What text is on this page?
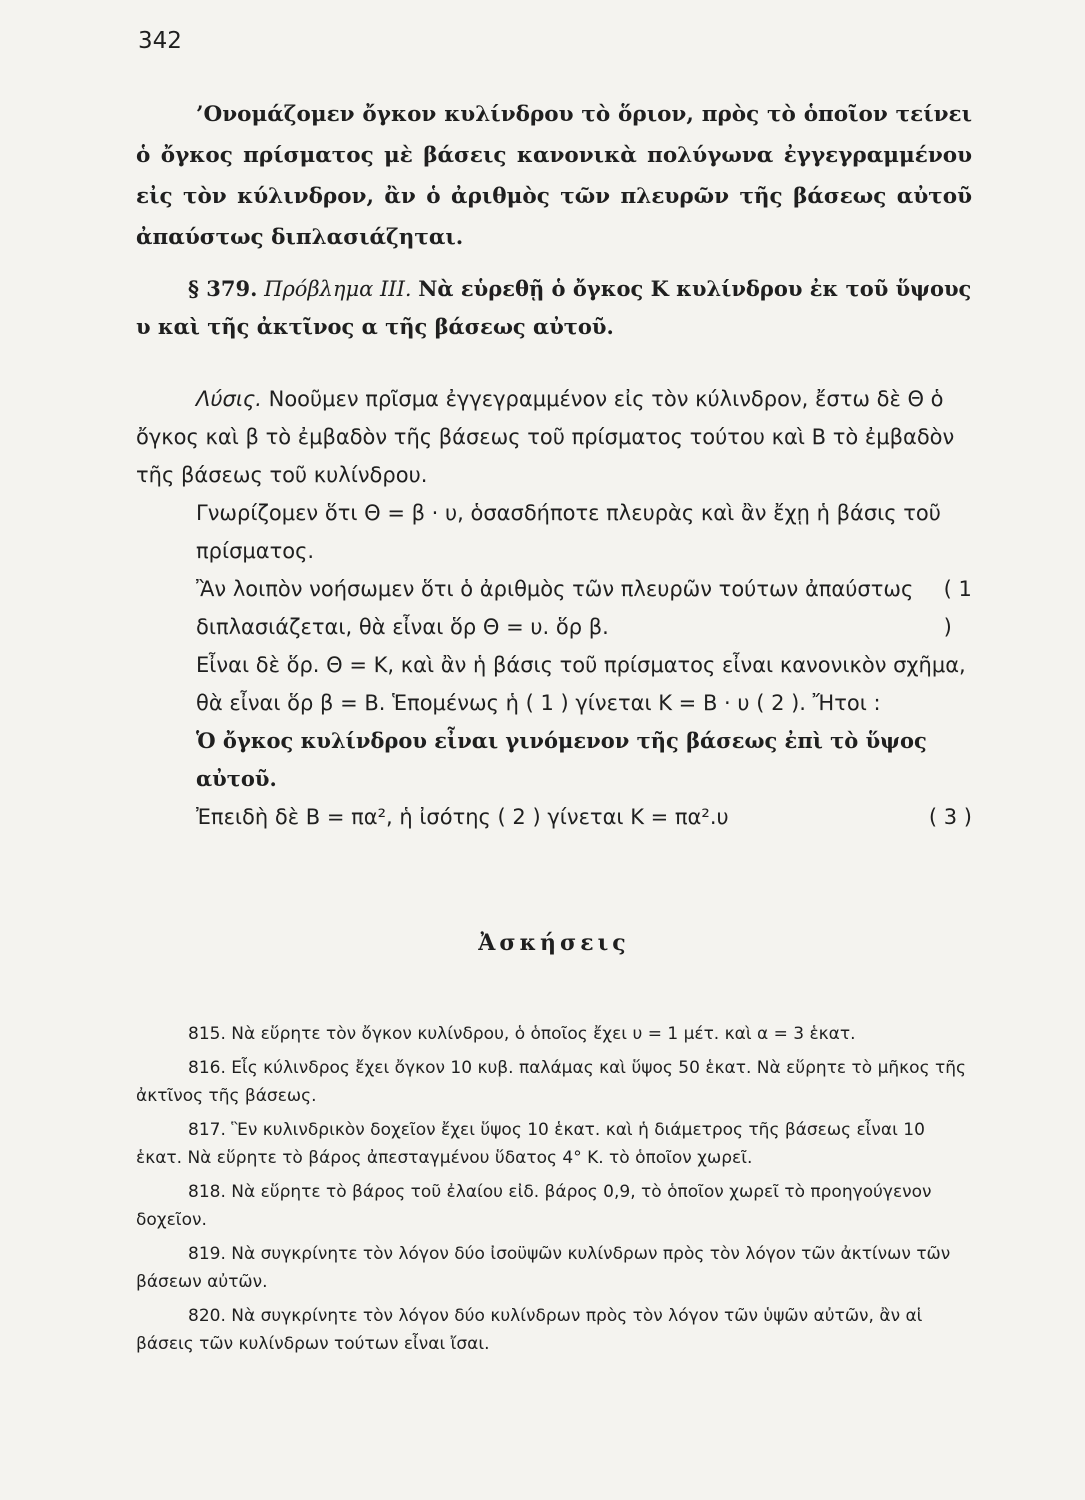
342

’Ονομάζομεν ὄγκον κυλίνδρου τὸ ὅριον, πρὸς τὸ ὁποῖον τείνει ὁ ὄγκος πρίσματος μὲ βάσεις κανονικὰ πολύγωνα ἐγγεγραμμένου εἰς τὸν κύλινδρον, ἂν ὁ ἀριθμὸς τῶν πλευρῶν τῆς βάσεως αὐτοῦ ἀπαύστως διπλασιάζηται.

§ 379. Πρόβλημα III. Νὰ εὑρεθῇ ὁ ὄγκος Κ κυλίνδρου ἐκ τοῦ ὕψους υ καὶ τῆς ἀκτῖνος α τῆς βάσεως αὐτοῦ.

Λύσις. Νοοῦμεν πρῖσμα ἐγγεγραμμένον εἰς τὸν κύλινδρον, ἔστω δὲ Θ ὁ ὄγκος καὶ β τὸ ἐμβαδὸν τῆς βάσεως τοῦ πρίσματος τούτου καὶ Β τὸ ἐμβαδὸν τῆς βάσεως τοῦ κυλίνδρου.

Γνωρίζομεν ὅτι Θ = β · υ, ὁσασδήποτε πλευρὰς καὶ ἂν ἔχῃ ἡ βάσις τοῦ πρίσματος.

Ἂν λοιπὸν νοήσωμεν ὅτι ὁ ἀριθμὸς τῶν πλευρῶν τούτων ἀπαύστως διπλασιάζεται, θὰ εἶναι ὅρ Θ = υ. ὅρ β.
( 1 )

Εἶναι δὲ ὅρ. Θ = Κ, καὶ ἂν ἡ βάσις τοῦ πρίσματος εἶναι κανονικὸν σχῆμα, θὰ εἶναι ὅρ β = Β. Ἑπομένως ἡ ( 1 ) γίνεται Κ = Β · υ ( 2 ). Ἤτοι :

Ὁ ὄγκος κυλίνδρου εἶναι γινόμενον τῆς βάσεως ἐπὶ τὸ ὕψος αὐτοῦ.

Ἐπειδὴ δὲ Β = πα², ἡ ἰσότης ( 2 ) γίνεται Κ = πα².υ	( 3 )

Ἀσκήσεις
815. Νὰ εὕρητε τὸν ὄγκον κυλίνδρου, ὁ ὁποῖος ἔχει υ = 1 μέτ. καὶ α = 3 ἑκατ.
816. Εἷς κύλινδρος ἔχει ὄγκον 10 κυβ. παλάμας καὶ ὕψος 50 ἑκατ. Νὰ εὕρητε τὸ μῆκος τῆς ἀκτῖνος τῆς βάσεως.
817. Ἓν κυλινδρικὸν δοχεῖον ἔχει ὕψος 10 ἑκατ. καὶ ἡ διάμετρος τῆς βάσεως εἶναι 10 ἑκατ. Νὰ εὕρητε τὸ βάρος ἀπεσταγμένου ὕδατος 4° Κ. τὸ ὁποῖον χωρεῖ.
818. Νὰ εὕρητε τὸ βάρος τοῦ ἐλαίου εἰδ. βάρος 0,9, τὸ ὁποῖον χωρεῖ τὸ προηγούγενον δοχεῖον.
819. Νὰ συγκρίνητε τὸν λόγον δύο ἰσοϋψῶν κυλίνδρων πρὸς τὸν λόγον τῶν ἀκτίνων τῶν βάσεων αὐτῶν.
820. Νὰ συγκρίνητε τὸν λόγον δύο κυλίνδρων πρὸς τὸν λόγον τῶν ὑψῶν αὐτῶν, ἂν αἱ βάσεις τῶν κυλίνδρων τούτων εἶναι ἴσαι.
